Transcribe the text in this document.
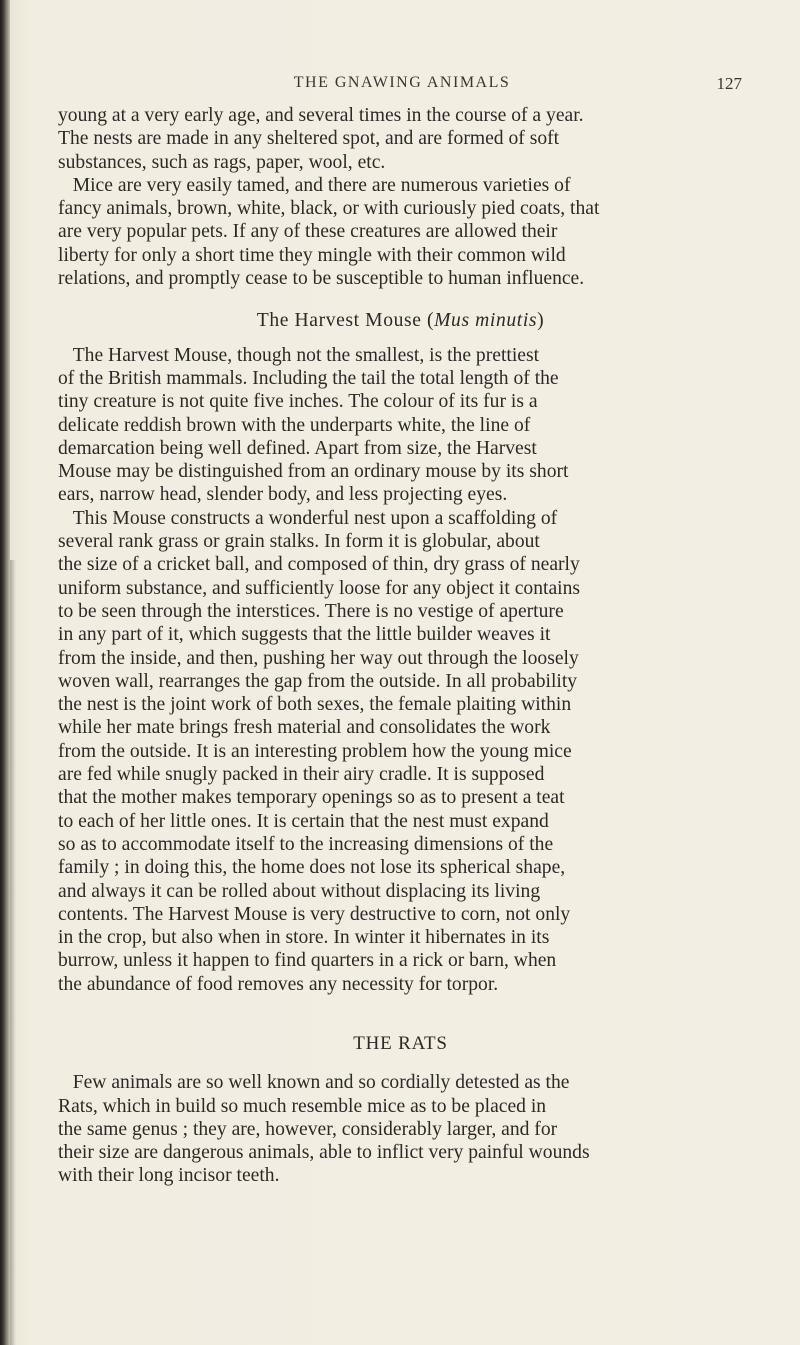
THE GNAWING ANIMALS	127
young at a very early age, and several times in the course of a year.
The nests are made in any sheltered spot, and are formed of soft
substances, such as rags, paper, wool, etc.
Mice are very easily tamed, and there are numerous varieties of
fancy animals, brown, white, black, or with curiously pied coats, that
are very popular pets. If any of these creatures are allowed their
liberty for only a short time they mingle with their common wild
relations, and promptly cease to be susceptible to human influence.
The Harvest Mouse (Mus minutis)
The Harvest Mouse, though not the smallest, is the prettiest
of the British mammals. Including the tail the total length of the
tiny creature is not quite five inches. The colour of its fur is a
delicate reddish brown with the underparts white, the line of
demarcation being well defined. Apart from size, the Harvest
Mouse may be distinguished from an ordinary mouse by its short
ears, narrow head, slender body, and less projecting eyes.
This Mouse constructs a wonderful nest upon a scaffolding of
several rank grass or grain stalks. In form it is globular, about
the size of a cricket ball, and composed of thin, dry grass of nearly
uniform substance, and sufficiently loose for any object it contains
to be seen through the interstices. There is no vestige of aperture
in any part of it, which suggests that the little builder weaves it
from the inside, and then, pushing her way out through the loosely
woven wall, rearranges the gap from the outside. In all probability
the nest is the joint work of both sexes, the female plaiting within
while her mate brings fresh material and consolidates the work
from the outside. It is an interesting problem how the young mice
are fed while snugly packed in their airy cradle. It is supposed
that the mother makes temporary openings so as to present a teat
to each of her little ones. It is certain that the nest must expand
so as to accommodate itself to the increasing dimensions of the
family ; in doing this, the home does not lose its spherical shape,
and always it can be rolled about without displacing its living
contents. The Harvest Mouse is very destructive to corn, not only
in the crop, but also when in store. In winter it hibernates in its
burrow, unless it happen to find quarters in a rick or barn, when
the abundance of food removes any necessity for torpor.
THE RATS
Few animals are so well known and so cordially detested as the
Rats, which in build so much resemble mice as to be placed in
the same genus ; they are, however, considerably larger, and for
their size are dangerous animals, able to inflict very painful wounds
with their long incisor teeth.
